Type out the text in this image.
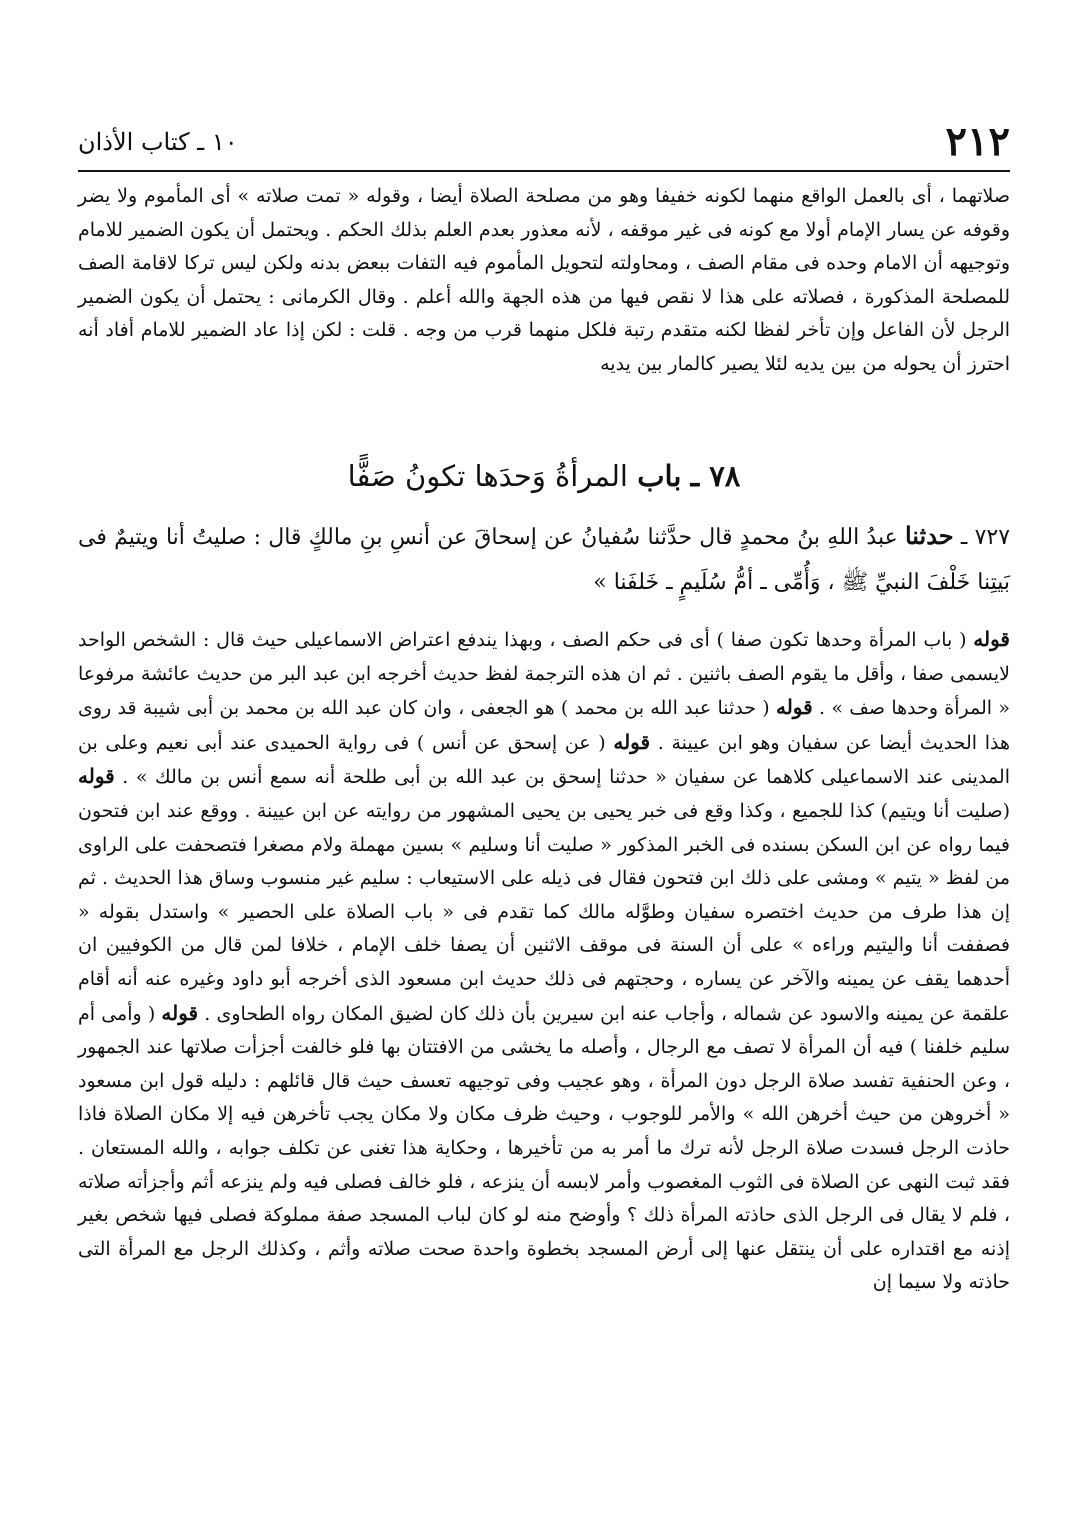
٢١٢
١٠ ـ كتاب الأذان

صلاتهما ، أى بالعمل الواقع منهما لكونه خفيفا وهو من مصلحة الصلاة أيضا ، وقوله « تمت صلاته » أى المأموم ولا يضر وقوفه عن يسار الإمام أولا مع كونه فى غير موقفه ، لأنه معذور بعدم العلم بذلك الحكم . ويحتمل أن يكون الضمير للامام وتوجيهه أن الامام وحده فى مقام الصف ، ومحاولته لتحويل المأموم فيه التفات ببعض بدنه ولكن ليس تركا لاقامة الصف للمصلحة المذكورة ، فصلاته على هذا لا نقص فيها من هذه الجهة والله أعلم . وقال الكرمانى : يحتمل أن يكون الضمير الرجل لأن الفاعل وإن تأخر لفظا لكنه متقدم رتبة فلكل منهما قرب من وجه . قلت : لكن إذا عاد الضمير للامام أفاد أنه احترز أن يحوله من بين يديه لئلا يصير كالمار بين يديه

٧٨ ـ باب المرأةُ وَحدَها تكونُ صَفًّا
٧٢٧ ـ حدثنا عبدُ اللهِ بنُ محمدٍ قال حدَّثنا سُفيانُ عن إسحاقَ عن أنسِ بنِ مالكٍ قال : صليتُ أنا ويتيمٌ فى بَيتِنا خَلْفَ النبيِّ ﷺ ، وَأُمِّى ـ أمُّ سُلَيمٍ ـ خَلفَنا »

قوله ( باب المرأة وحدها تكون صفا ) أى فى حكم الصف ، وبهذا يندفع اعتراض الاسماعيلى حيث قال : الشخص الواحد لايسمى صفا ، وأقل ما يقوم الصف باثنين . ثم ان هذه الترجمة لفظ حديث أخرجه ابن عبد البر من حديث عائشة مرفوعا « المرأة وحدها صف » . قوله ( حدثنا عبد الله بن محمد ) هو الجعفى ، وان كان عبد الله بن محمد بن أبى شيبة قد روى هذا الحديث أيضا عن سفيان وهو ابن عيينة . قوله ( عن إسحق عن أنس ) فى رواية الحميدى عند أبى نعيم وعلى بن المدينى عند الاسماعيلى كلاهما عن سفيان « حدثنا إسحق بن عبد الله بن أبى طلحة أنه سمع أنس بن مالك » . قوله (صليت أنا ويتيم) كذا للجميع ، وكذا وقع فى خبر يحيى بن يحيى المشهور من روايته عن ابن عيينة . ووقع عند ابن فتحون فيما رواه عن ابن السكن بسنده فى الخبر المذكور « صليت أنا وسليم » بسين مهملة ولام مصغرا فتصحفت على الراوى من لفظ « يتيم » ومشى على ذلك ابن فتحون فقال فى ذيله على الاستيعاب : سليم غير منسوب وساق هذا الحديث . ثم إن هذا طرف من حديث اختصره سفيان وطوَّله مالك كما تقدم فى « باب الصلاة على الحصير » واستدل بقوله « فصففت أنا واليتيم وراءه » على أن السنة فى موقف الاثنين أن يصفا خلف الإمام ، خلافا لمن قال من الكوفيين ان أحدهما يقف عن يمينه والآخر عن يساره ، وحجتهم فى ذلك حديث ابن مسعود الذى أخرجه أبو داود وغيره عنه أنه أقام علقمة عن يمينه والاسود عن شماله ، وأجاب عنه ابن سيرين بأن ذلك كان لضيق المكان رواه الطحاوى . قوله ( وأمى أم سليم خلفنا ) فيه أن المرأة لا تصف مع الرجال ، وأصله ما يخشى من الافتتان بها فلو خالفت أجزأت صلاتها عند الجمهور ، وعن الحنفية تفسد صلاة الرجل دون المرأة ، وهو عجيب وفى توجيهه تعسف حيث قال قائلهم : دليله قول ابن مسعود « أخروهن من حيث أخرهن الله » والأمر للوجوب ، وحيث ظرف مكان ولا مكان يجب تأخرهن فيه إلا مكان الصلاة فاذا حاذت الرجل فسدت صلاة الرجل لأنه ترك ما أمر به من تأخيرها ، وحكاية هذا تغنى عن تكلف جوابه ، والله المستعان . فقد ثبت النهى عن الصلاة فى الثوب المغصوب وأمر لابسه أن ينزعه ، فلو خالف فصلى فيه ولم ينزعه أثم وأجزأته صلاته ، فلم لا يقال فى الرجل الذى حاذته المرأة ذلك ؟ وأوضح منه لو كان لباب المسجد صفة مملوكة فصلى فيها شخص بغير إذنه مع اقتداره على أن ينتقل عنها إلى أرض المسجد بخطوة واحدة صحت صلاته وأثم ، وكذلك الرجل مع المرأة التى حاذته ولا سيما إن
